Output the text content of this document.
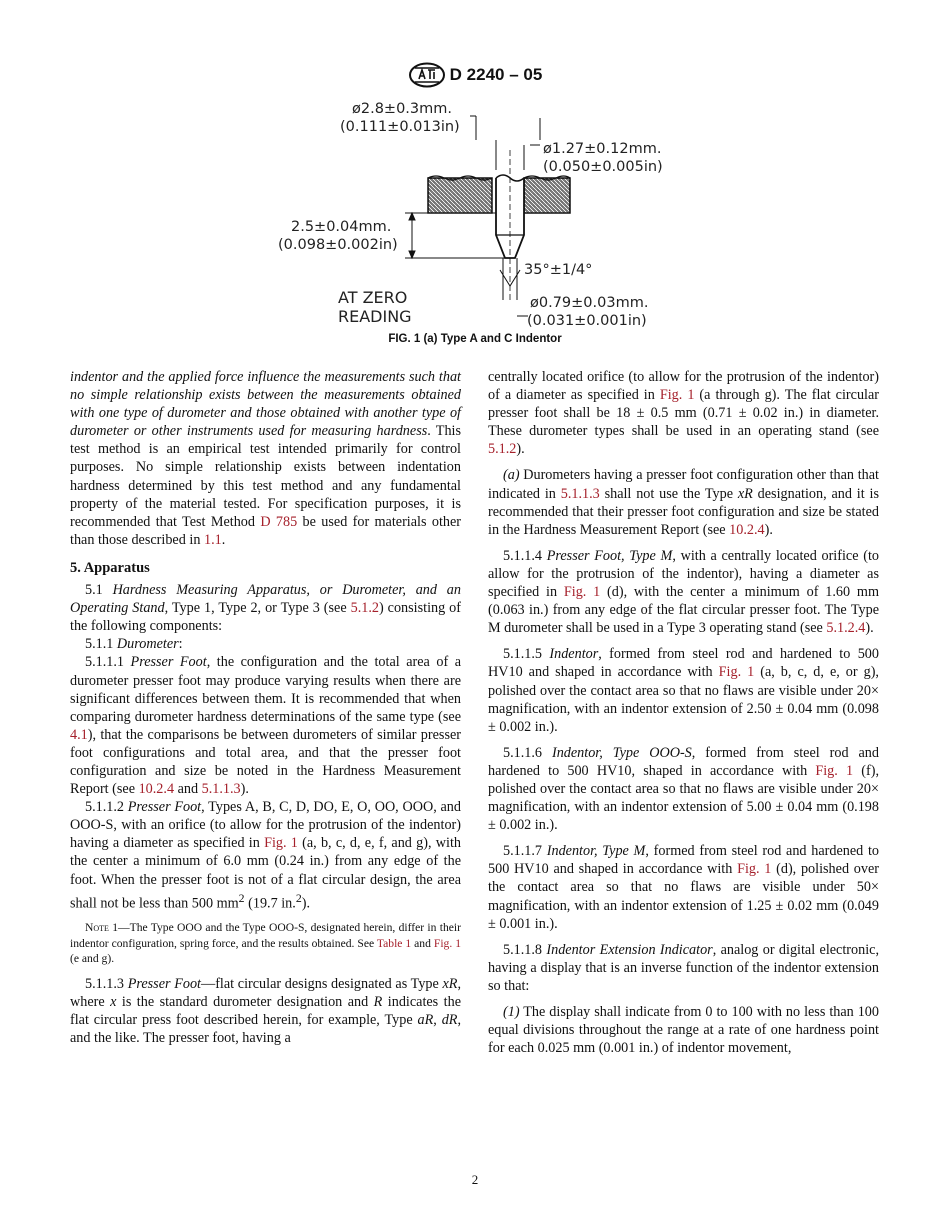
D 2240 – 05
ø2.8±0.3mm.
(0.111±0.013in)
ø1.27±0.12mm.
(0.050±0.005in)
2.5±0.04mm.
(0.098±0.002in)
35°±1/4°
AT ZERO
READING
ø0.79±0.03mm.
(0.031±0.001in)
FIG. 1 (a) Type A and C Indentor

indentor and the applied force influence the measurements such that no simple relationship exists between the measurements obtained with one type of durometer and those obtained with another type of durometer or other instruments used for measuring hardness. This test method is an empirical test intended primarily for control purposes. No simple relationship exists between indentation hardness determined by this test method and any fundamental property of the material tested. For specification purposes, it is recommended that Test Method D 785 be used for materials other than those described in 1.1.

5. Apparatus

5.1 Hardness Measuring Apparatus, or Durometer, and an Operating Stand, Type 1, Type 2, or Type 3 (see 5.1.2) consisting of the following components:

5.1.1 Durometer:

5.1.1.1 Presser Foot, the configuration and the total area of a durometer presser foot may produce varying results when there are significant differences between them. It is recommended that when comparing durometer hardness determinations of the same type (see 4.1), that the comparisons be between durometers of similar presser foot configurations and total area, and that the presser foot configuration and size be noted in the Hardness Measurement Report (see 10.2.4 and 5.1.1.3).

5.1.1.2 Presser Foot, Types A, B, C, D, DO, E, O, OO, OOO, and OOO-S, with an orifice (to allow for the protrusion of the indentor) having a diameter as specified in Fig. 1 (a, b, c, d, e, f, and g), with the center a minimum of 6.0 mm (0.24 in.) from any edge of the foot. When the presser foot is not of a flat circular design, the area shall not be less than 500 $mm^2$ (19.7 in.$^2$).

Note 1—The Type OOO and the Type OOO-S, designated herein, differ in their indentor configuration, spring force, and the results obtained. See Table 1 and Fig. 1 (e and g).

5.1.1.3 Presser Foot—flat circular designs designated as Type xR, where x is the standard durometer designation and R indicates the flat circular press foot described herein, for example, Type aR, dR, and the like. The presser foot, having a

centrally located orifice (to allow for the protrusion of the indentor) of a diameter as specified in Fig. 1 (a through g). The flat circular presser foot shall be 18 ± 0.5 mm (0.71 ± 0.02 in.) in diameter. These durometer types shall be used in an operating stand (see 5.1.2).

(a) Durometers having a presser foot configuration other than that indicated in 5.1.1.3 shall not use the Type xR designation, and it is recommended that their presser foot configuration and size be stated in the Hardness Measurement Report (see 10.2.4).

5.1.1.4 Presser Foot, Type M, with a centrally located orifice (to allow for the protrusion of the indentor), having a diameter as specified in Fig. 1 (d), with the center a minimum of 1.60 mm (0.063 in.) from any edge of the flat circular presser foot. The Type M durometer shall be used in a Type 3 operating stand (see 5.1.2.4).

5.1.1.5 Indentor, formed from steel rod and hardened to 500 HV10 and shaped in accordance with Fig. 1 (a, b, c, d, e, or g), polished over the contact area so that no flaws are visible under 20× magnification, with an indentor extension of 2.50 ± 0.04 mm (0.098 ± 0.002 in.).

5.1.1.6 Indentor, Type OOO-S, formed from steel rod and hardened to 500 HV10, shaped in accordance with Fig. 1 (f), polished over the contact area so that no flaws are visible under 20× magnification, with an indentor extension of 5.00 ± 0.04 mm (0.198 ± 0.002 in.).

5.1.1.7 Indentor, Type M, formed from steel rod and hardened to 500 HV10 and shaped in accordance with Fig. 1 (d), polished over the contact area so that no flaws are visible under 50× magnification, with an indentor extension of 1.25 ± 0.02 mm (0.049 ± 0.001 in.).

5.1.1.8 Indentor Extension Indicator, analog or digital electronic, having a display that is an inverse function of the indentor extension so that:

(1) The display shall indicate from 0 to 100 with no less than 100 equal divisions throughout the range at a rate of one hardness point for each 0.025 mm (0.001 in.) of indentor movement,

2
